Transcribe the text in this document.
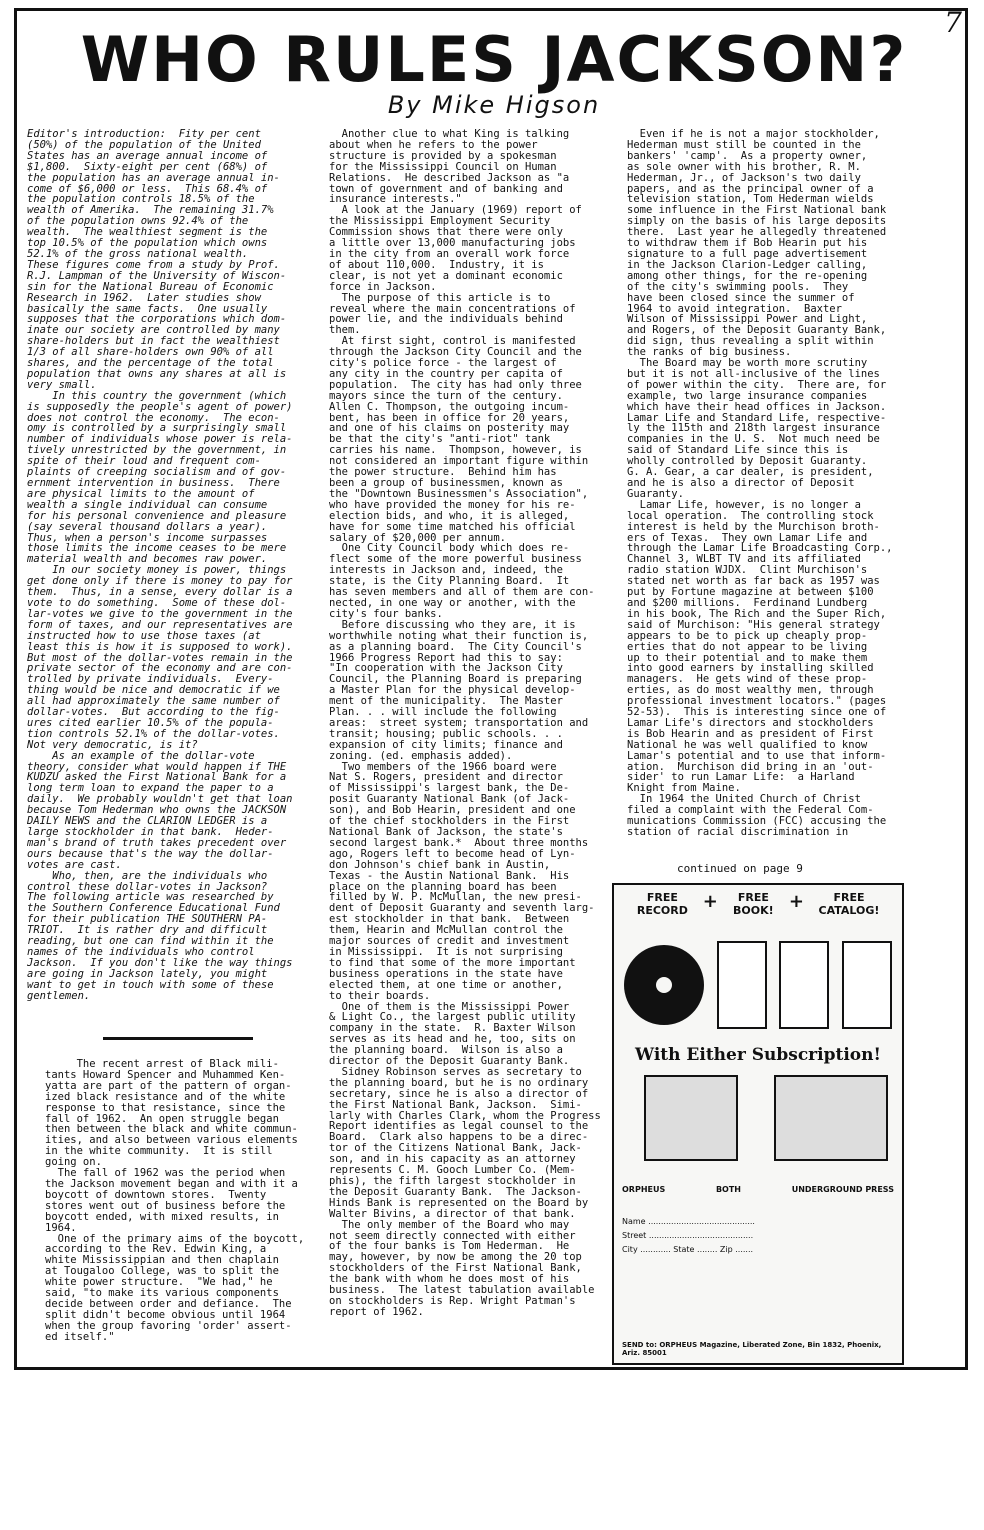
WHO RULES JACKSON?
By Mike Higson
Editor's introduction:  Fity per cent
(50%) of the population of the United
States has an average annual income of
$1,800.  Sixty-eight per cent (68%) of
the population has an average annual in-
come of $6,000 or less.  This 68.4% of
the population controls 18.5% of the
wealth of Amerika.  The remaining 31.7%
of the population owns 92.4% of the
wealth.  The wealthiest segment is the
top 10.5% of the population which owns
52.1% of the gross national wealth.
These figures come from a study by Prof.
R.J. Lampman of the University of Wiscon-
sin for the National Bureau of Economic
Research in 1962.  Later studies show
basically the same facts.  One usually
supposes that the corporations which dom-
inate our society are controlled by many
share-holders but in fact the wealthiest
1/3 of all share-holders own 90% of all
shares, and the percentage of the total
population that owns any shares at all is
very small.
In this country the government (which
is supposedly the people's agent of power)
does not control the economy.  The econ-
omy is controlled by a surprisingly small
number of individuals whose power is rela-
tively unrestricted by the government, in
spite of their loud and frequent com-
plaints of creeping socialism and of gov-
ernment intervention in business.  There
are physical limits to the amount of
wealth a single individual can consume
for his personal convenience and pleasure
(say several thousand dollars a year).
Thus, when a person's income surpasses
those limits the income ceases to be mere
material wealth and becomes raw power.
In our society money is power, things
get done only if there is money to pay for
them.  Thus, in a sense, every dollar is a
vote to do something.  Some of these dol-
lar-votes we give to the government in the
form of taxes, and our representatives are
instructed how to use those taxes (at
least this is how it is supposed to work).
But most of the dollar-votes remain in the
private sector of the economy and are con-
trolled by private individuals.  Every-
thing would be nice and democratic if we
all had approximately the same number of
dollar-votes.  But according to the fig-
ures cited earlier 10.5% of the popula-
tion controls 52.1% of the dollar-votes.
Not very democratic, is it?
As an example of the dollar-vote
theory, consider what would happen if THE
KUDZU asked the First National Bank for a
long term loan to expand the paper to a
daily.  We probably wouldn't get that loan
because Tom Hederman who owns the JACKSON
DAILY NEWS and the CLARION LEDGER is a
large stockholder in that bank.  Heder-
man's brand of truth takes precedent over
ours because that's the way the dollar-
votes are cast.
Who, then, are the individuals who
control these dollar-votes in Jackson?
The following article was researched by
the Southern Conference Educational Fund
for their publication THE SOUTHERN PA-
TRIOT.  It is rather dry and difficult
reading, but one can find within it the
names of the individuals who control
Jackson.  If you don't like the way things
are going in Jackson lately, you might
want to get in touch with some of these
gentlemen.
The recent arrest of Black mili-
tants Howard Spencer and Muhammed Ken-
yatta are part of the pattern of organ-
ized black resistance and of the white
response to that resistance, since the
fall of 1962.  An open struggle began
then between the black and white commun-
ities, and also between various elements
in the white community.  It is still
going on.
The fall of 1962 was the period when
the Jackson movement began and with it a
boycott of downtown stores.  Twenty
stores went out of business before the
boycott ended, with mixed results, in
1964.
One of the primary aims of the boycott,
according to the Rev. Edwin King, a
white Mississippian and then chaplain
at Tougaloo College, was to split the
white power structure.  "We had," he
said, "to make its various components
decide between order and defiance.  The
split didn't become obvious until 1964
when the group favoring 'order' assert-
ed itself."
Another clue to what King is talking
about when he refers to the power
structure is provided by a spokesman
for the Mississippi Council on Human
Relations.  He described Jackson as "a
town of government and of banking and
insurance interests."
A look at the January (1969) report of
the Mississippi Employment Security
Commission shows that there were only
a little over 13,000 manufacturing jobs
in the city from an overall work force
of about 110,000.  Industry, it is
clear, is not yet a dominant economic
force in Jackson.
The purpose of this article is to
reveal where the main concentrations of
power lie, and the individuals behind
them.
At first sight, control is manifested
through the Jackson City Council and the
city's police force - the largest of
any city in the country per capita of
population.  The city has had only three
mayors since the turn of the century.
Allen C. Thompson, the outgoing incum-
bent, has been in office for 20 years,
and one of his claims on posterity may
be that the city's "anti-riot" tank
carries his name.  Thompson, however, is
not considered an important figure within
the power structure.  Behind him has
been a group of businessmen, known as
the "Downtown Businessmen's Association",
who have provided the money for his re-
election bids, and who, it is alleged,
have for some time matched his official
salary of $20,000 per annum.
One City Council body which does re-
flect some of the more powerful business
interests in Jackson and, indeed, the
state, is the City Planning Board.  It
has seven members and all of them are con-
nected, in one way or another, with the
city's four banks.
Before discussing who they are, it is
worthwhile noting what their function is,
as a planning board.  The City Council's
1966 Progress Report had this to say:
"In cooperation with the Jackson City
Council, the Planning Board is preparing
a Master Plan for the physical develop-
ment of the municipality.  The Master
Plan. . . will include the following
areas:  street system; transportation and
transit; housing; public schools. . .
expansion of city limits; finance and
zoning. (ed. emphasis added).
Two members of the 1966 board were
Nat S. Rogers, president and director
of Mississippi's largest bank, the De-
posit Guaranty National Bank (of Jack-
son), and Bob Hearin, president and one
of the chief stockholders in the First
National Bank of Jackson, the state's
second largest bank.*  About three months
ago, Rogers left to become head of Lyn-
don Johnson's chief bank in Austin,
Texas - the Austin National Bank.  His
place on the planning board has been
filled by W. P. McMullan, the new presi-
dent of Deposit Guaranty and seventh larg-
est stockholder in that bank.  Between
them, Hearin and McMullan control the
major sources of credit and investment
in Mississippi.  It is not surprising
to find that some of the more important
business operations in the state have
elected them, at one time or another,
to their boards.
One of them is the Mississippi Power
& Light Co., the largest public utility
company in the state.  R. Baxter Wilson
serves as its head and he, too, sits on
the planning board.  Wilson is also a
director of the Deposit Guaranty Bank.
Sidney Robinson serves as secretary to
the planning board, but he is no ordinary
secretary, since he is also a director of
the First National Bank, Jackson.  Simi-
larly with Charles Clark, whom the Progress
Report identifies as legal counsel to the
Board.  Clark also happens to be a direc-
tor of the Citizens National Bank, Jack-
son, and in his capacity as an attorney
represents C. M. Gooch Lumber Co. (Mem-
phis), the fifth largest stockholder in
the Deposit Guaranty Bank.  The Jackson-
Hinds Bank is represented on the Board by
Walter Bivins, a director of that bank.
The only member of the Board who may
not seem directly connected with either
of the four banks is Tom Hederman.  He
may, however, by now be among the 20 top
stockholders of the First National Bank,
the bank with whom he does most of his
business.  The latest tabulation available
on stockholders is Rep. Wright Patman's
report of 1962.
Even if he is not a major stockholder,
Hederman must still be counted in the
bankers' 'camp'.  As a property owner,
as sole owner with his brother, R. M.
Hederman, Jr., of Jackson's two daily
papers, and as the principal owner of a
television station, Tom Hederman wields
some influence in the First National bank
simply on the basis of his large deposits
there.  Last year he allegedly threatened
to withdraw them if Bob Hearin put his
signature to a full page advertisement
in the Jackson Clarion-Ledger calling,
among other things, for the re-opening
of the city's swimming pools.  They
have been closed since the summer of
1964 to avoid integration.  Baxter
Wilson of Mississippi Power and Light,
and Rogers, of the Deposit Guaranty Bank,
did sign, thus revealing a split within
the ranks of big business.
The Board may be worth more scrutiny
but it is not all-inclusive of the lines
of power within the city.  There are, for
example, two large insurance companies
which have their head offices in Jackson.
Lamar Life and Standard Life, respective-
ly the 115th and 218th largest insurance
companies in the U. S.  Not much need be
said of Standard Life since this is
wholly controlled by Deposit Guaranty.
G. A. Gear, a car dealer, is president,
and he is also a director of Deposit
Guaranty.
Lamar Life, however, is no longer a
local operation.  The controlling stock
interest is held by the Murchison broth-
ers of Texas.  They own Lamar Life and
through the Lamar Life Broadcasting Corp.,
Channel 3, WLBT TV and its affiliated
radio station WJDX.  Clint Murchison's
stated net worth as far back as 1957 was
put by Fortune magazine at between $100
and $200 millions.  Ferdinand Lundberg
in his book, The Rich and the Super Rich,
said of Murchison: "His general strategy
appears to be to pick up cheaply prop-
erties that do not appear to be living
up to their potential and to make them
into good earners by installing skilled
managers.  He gets wind of these prop-
erties, as do most wealthy men, through
professional investment locators." (pages
52-53).  This is interesting since one of
Lamar Life's directors and stockholders
is Bob Hearin and as president of First
National he was well qualified to know
Lamar's potential and to use that inform-
ation.  Murchison did bring in an 'out-
sider' to run Lamar Life:  a Harland
Knight from Maine.
In 1964 the United Church of Christ
filed a complaint with the Federal Com-
munications Commission (FCC) accusing the
station of racial discrimination in
continued on page 9
FREE RECORD +	FREE BOOK! +	FREE CATALOG!
With Either Subscription!
ORPHEUS	BOTH	UNDERGROUND PRESS
Name ..........................................
Street .........................................
City ............ State ........ Zip .......
SEND to: ORPHEUS Magazine, Liberated Zone, Bin 1832, Phoenix, Ariz. 85001
7
